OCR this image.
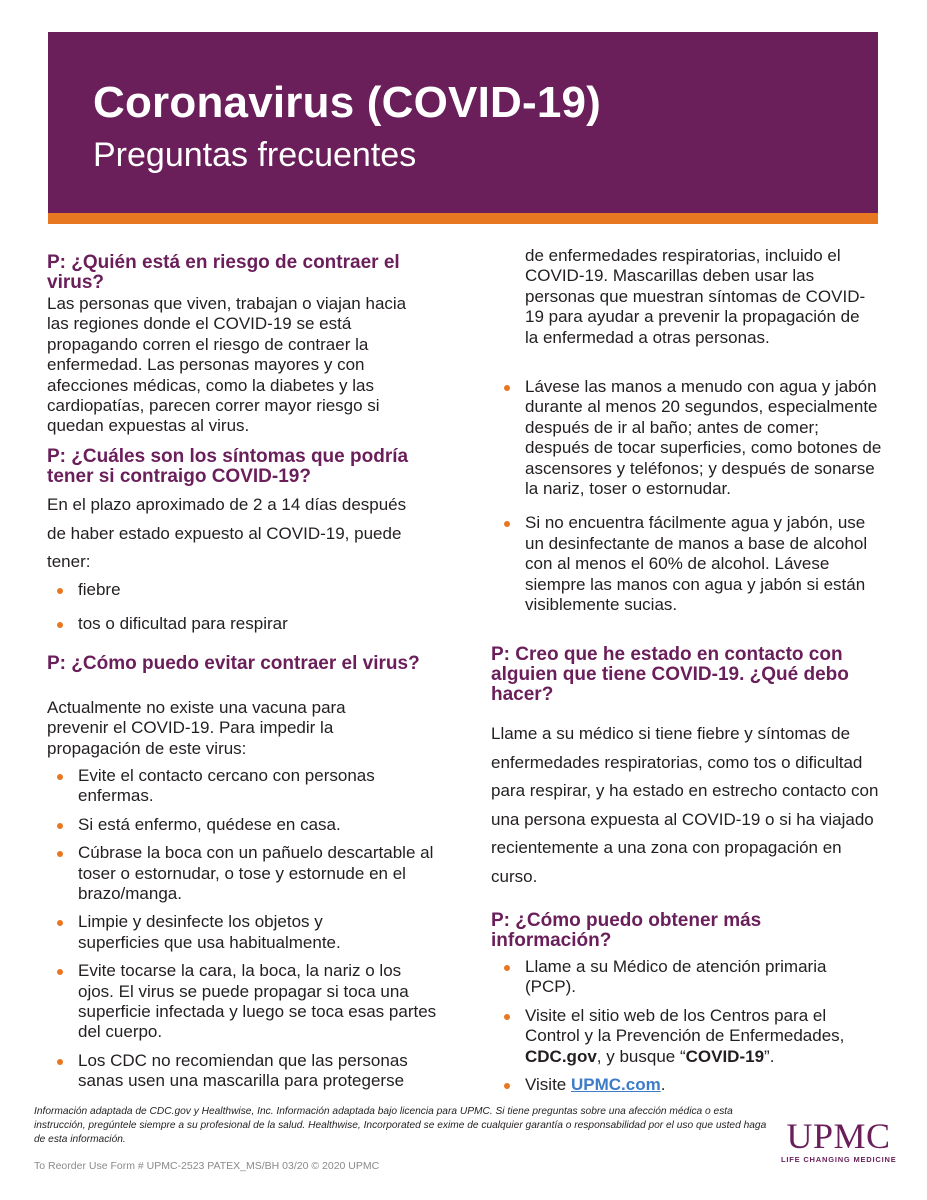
Coronavirus (COVID-19)
Preguntas frecuentes
P: ¿Quién está en riesgo de contraer el virus?
Las personas que viven, trabajan o viajan hacia las regiones donde el COVID-19 se está propagando corren el riesgo de contraer la enfermedad. Las personas mayores y con afecciones médicas, como la diabetes y las cardiopatías, parecen correr mayor riesgo si quedan expuestas al virus.
P: ¿Cuáles son los síntomas que podría tener si contraigo COVID-19?
En el plazo aproximado de 2 a 14 días después de haber estado expuesto al COVID-19, puede tener:
fiebre
tos o dificultad para respirar
P: ¿Cómo puedo evitar contraer el virus?
Actualmente no existe una vacuna para prevenir el COVID-19. Para impedir la propagación de este virus:
Evite el contacto cercano con personas enfermas.
Si está enfermo, quédese en casa.
Cúbrase la boca con un pañuelo descartable al toser o estornudar, o tose y estornude en el brazo/manga.
Limpie y desinfecte los objetos y superficies que usa habitualmente.
Evite tocarse la cara, la boca, la nariz o los ojos. El virus se puede propagar si toca una superficie infectada y luego se toca esas partes del cuerpo.
Los CDC no recomiendan que las personas sanas usen una mascarilla para protegerse
de enfermedades respiratorias, incluido el COVID-19. Mascarillas deben usar las personas que muestran síntomas de COVID-19 para ayudar a prevenir la propagación de la enfermedad a otras personas.
Lávese las manos a menudo con agua y jabón durante al menos 20 segundos, especialmente después de ir al baño; antes de comer; después de tocar superficies, como botones de ascensores y teléfonos; y después de sonarse la nariz, toser o estornudar.
Si no encuentra fácilmente agua y jabón, use un desinfectante de manos a base de alcohol con al menos el 60% de alcohol. Lávese siempre las manos con agua y jabón si están visiblemente sucias.
P: Creo que he estado en contacto con alguien que tiene COVID-19. ¿Qué debo hacer?
Llame a su médico si tiene fiebre y síntomas de enfermedades respiratorias, como tos o dificultad para respirar, y ha estado en estrecho contacto con una persona expuesta al COVID-19 o si ha viajado recientemente a una zona con propagación en curso.
P: ¿Cómo puedo obtener más información?
Llame a su Médico de atención primaria (PCP).
Visite el sitio web de los Centros para el Control y la Prevención de Enfermedades, CDC.gov, y busque “COVID-19”.
Visite UPMC.com.
Información adaptada de CDC.gov y Healthwise, Inc. Información adaptada bajo licencia para UPMC. Si tiene preguntas sobre una afección médica o esta instrucción, pregúntele siempre a su profesional de la salud. Healthwise, Incorporated se exime de cualquier garantía o responsabilidad por el uso que usted haga de esta información.
To Reorder Use Form # UPMC-2523 PATEX_MS/BH 03/20 © 2020 UPMC
UPMC
LIFE CHANGING MEDICINE
